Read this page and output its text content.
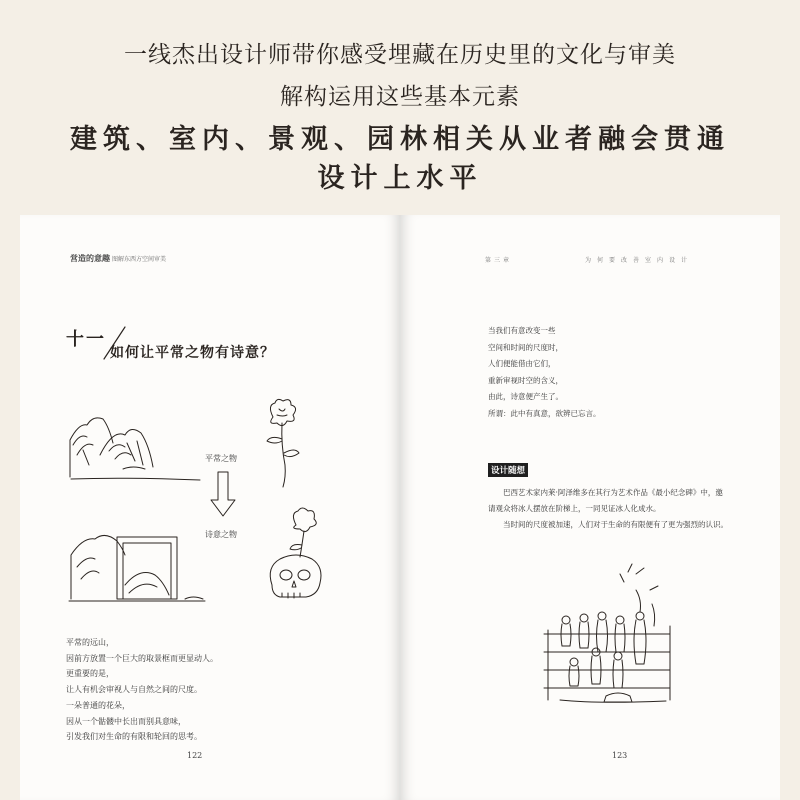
一线杰出设计师带你感受埋藏在历史里的文化与审美
解构运用这些基本元素
建筑、室内、景观、园林相关从业者融会贯通
设计上水平
営造的意趣 图解东西方空间审美
十一
如何让平常之物有诗意？
平常之物
诗意之物
平常的远山，
因前方放置一个巨大的取景框而更显动人。
更重要的是，
让人有机会审视人与自然之间的尺度。
一朵普通的花朵，
因从一个骷髅中长出而别具意味，
引发我们对生命的有限和轮回的思考。
122
第三章	为何要改善室内设计
当我们有意改变一些
空间和时间的尺度时，
人们便能借由它们，
重新审视时空的含义，
由此，诗意便产生了。
所谓：此中有真意，欲辨已忘言。
设计随想

巴西艺术家内莱·阿泽维多在其行为艺术作品《最小纪念碑》中，邀请观众将冰人摆放在阶梯上，一同见证冰人化成水。

当时间的尺度被加速，人们对于生命的有限便有了更为强烈的认识。

123
